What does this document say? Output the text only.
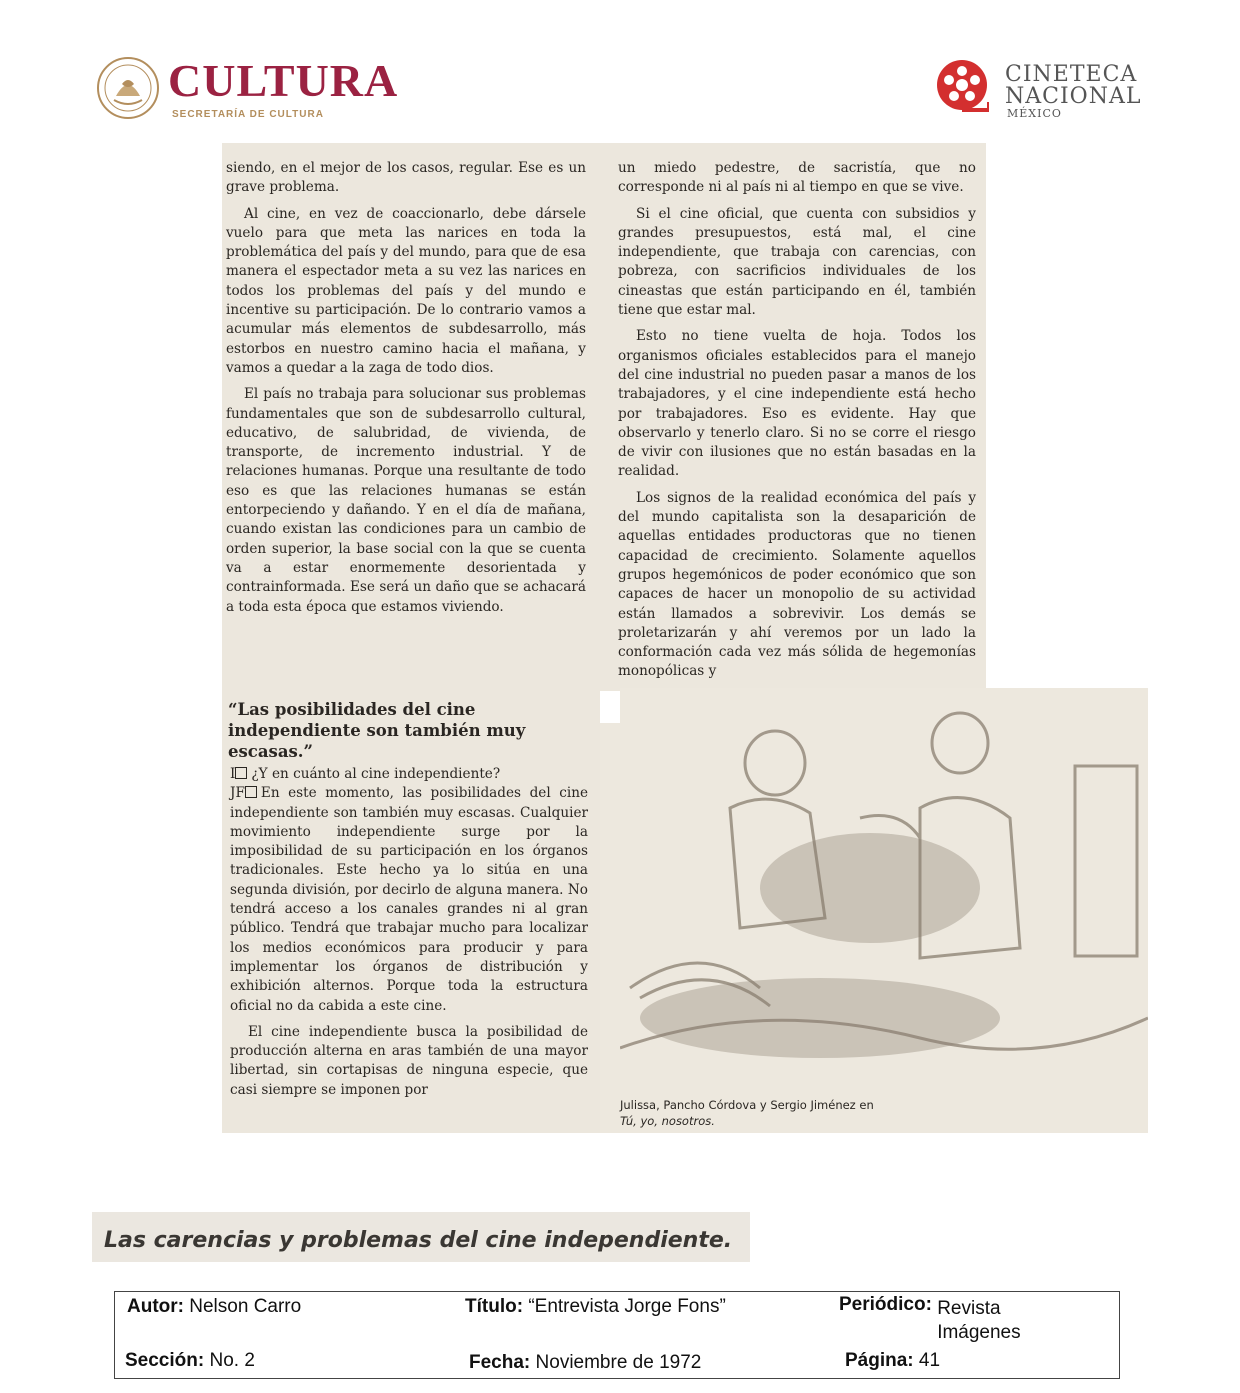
CULTURA
SECRETARÍA DE CULTURA
CINETECA
NACIONAL
MÉXICO

siendo, en el mejor de los casos, regular. Ese es un grave problema.

Al cine, en vez de coaccionarlo, debe dársele vuelo para que meta las narices en toda la problemática del país y del mundo, para que de esa manera el espectador meta a su vez las narices en todos los problemas del país y del mundo e incentive su participación. De lo contrario vamos a acumular más elementos de subdesarrollo, más estorbos en nuestro camino hacia el mañana, y vamos a quedar a la zaga de todo dios.

El país no trabaja para solucionar sus problemas fundamentales que son de subdesarrollo cultural, educativo, de salubridad, de vivienda, de transporte, de incremento industrial. Y de relaciones humanas. Porque una resultante de todo eso es que las relaciones humanas se están entorpeciendo y dañando. Y en el día de mañana, cuando existan las condiciones para un cambio de orden superior, la base social con la que se cuenta va a estar enormemente desorientada y contrainformada. Ese será un daño que se achacará a toda esta época que estamos viviendo.

“Las posibilidades del cine independiente son también muy escasas.”

I ¿Y en cuánto al cine independiente?

JF En este momento, las posibilidades del cine independiente son también muy escasas. Cualquier movimiento independiente surge por la imposibilidad de su participación en los órganos tradicionales. Este hecho ya lo sitúa en una segunda división, por decirlo de alguna manera. No tendrá acceso a los canales grandes ni al gran público. Tendrá que trabajar mucho para localizar los medios económicos para producir y para implementar los órganos de distribución y exhibición alternos. Porque toda la estructura oficial no da cabida a este cine.

El cine independiente busca la posibilidad de producción alterna en aras también de una mayor libertad, sin cortapisas de ninguna especie, que casi siempre se imponen por

un miedo pedestre, de sacristía, que no corresponde ni al país ni al tiempo en que se vive.

Si el cine oficial, que cuenta con subsidios y grandes presupuestos, está mal, el cine independiente, que trabaja con carencias, con pobreza, con sacrificios individuales de los cineastas que están participando en él, también tiene que estar mal.

Esto no tiene vuelta de hoja. Todos los organismos oficiales establecidos para el manejo del cine industrial no pueden pasar a manos de los trabajadores, y el cine independiente está hecho por trabajadores. Eso es evidente. Hay que observarlo y tenerlo claro. Si no se corre el riesgo de vivir con ilusiones que no están basadas en la realidad.

Los signos de la realidad económica del país y del mundo capitalista son la desaparición de aquellas entidades productoras que no tienen capacidad de crecimiento. Solamente aquellos grupos hegemónicos de poder económico que son capaces de hacer un monopolio de su actividad están llamados a sobrevivir. Los demás se proletarizarán y ahí veremos por un lado la conformación cada vez más sólida de hegemonías monopólicas y

Julissa, Pancho Córdova y Sergio Jiménez en
Tú, yo, nosotros.
Las carencias y problemas del cine independiente.
Autor: Nelson Carro	Título: “Entrevista Jorge Fons”	Periódico: Revista Imágenes
Sección: No. 2	Fecha: Noviembre de 1972	Página: 41
